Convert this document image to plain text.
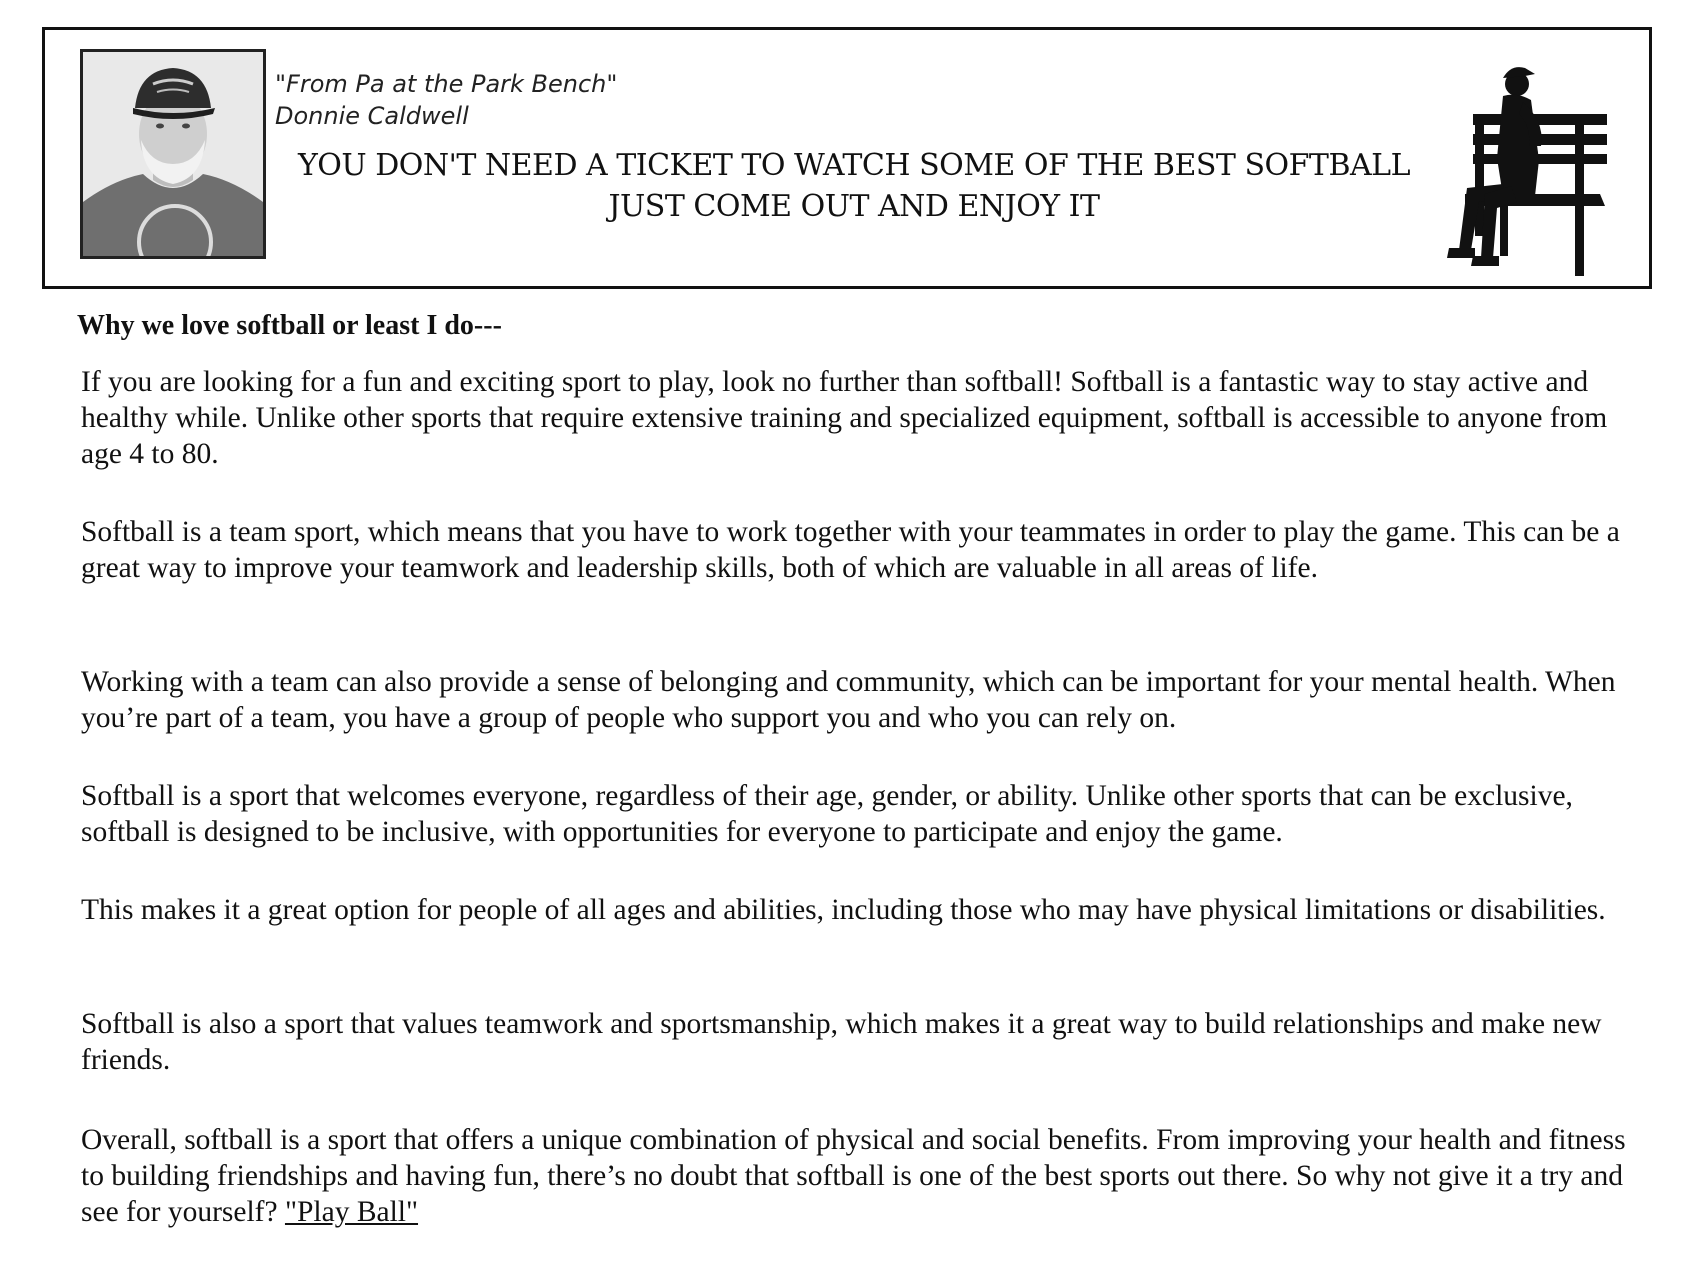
"From Pa at the Park Bench"
Donnie Caldwell
YOU DON'T NEED A TICKET TO WATCH SOME OF THE BEST SOFTBALL
JUST COME OUT AND ENJOY IT
Why we love softball or least I do---

If you are looking for a fun and exciting sport to play, look no further than softball! Softball is a fantastic way to stay active and healthy while. Unlike other sports that require extensive training and specialized equipment, softball is accessible to anyone from age 4 to 80.

Softball is a team sport, which means that you have to work together with your teammates in order to play the game. This can be a great way to improve your teamwork and leadership skills, both of which are valuable in all areas of life.

Working with a team can also provide a sense of belonging and community, which can be important for your mental health. When you’re part of a team, you have a group of people who support you and who you can rely on.

Softball is a sport that welcomes everyone, regardless of their age, gender, or ability. Unlike other sports that can be exclusive, softball is designed to be inclusive, with opportunities for everyone to participate and enjoy the game.

This makes it a great option for people of all ages and abilities, including those who may have physical limitations or disabilities.

Softball is also a sport that values teamwork and sportsmanship, which makes it a great way to build relationships and make new friends.

Overall, softball is a sport that offers a unique combination of physical and social benefits. From improving your health and fitness to building friendships and having fun, there’s no doubt that softball is one of the best sports out there. So why not give it a try and see for yourself? "Play Ball"
